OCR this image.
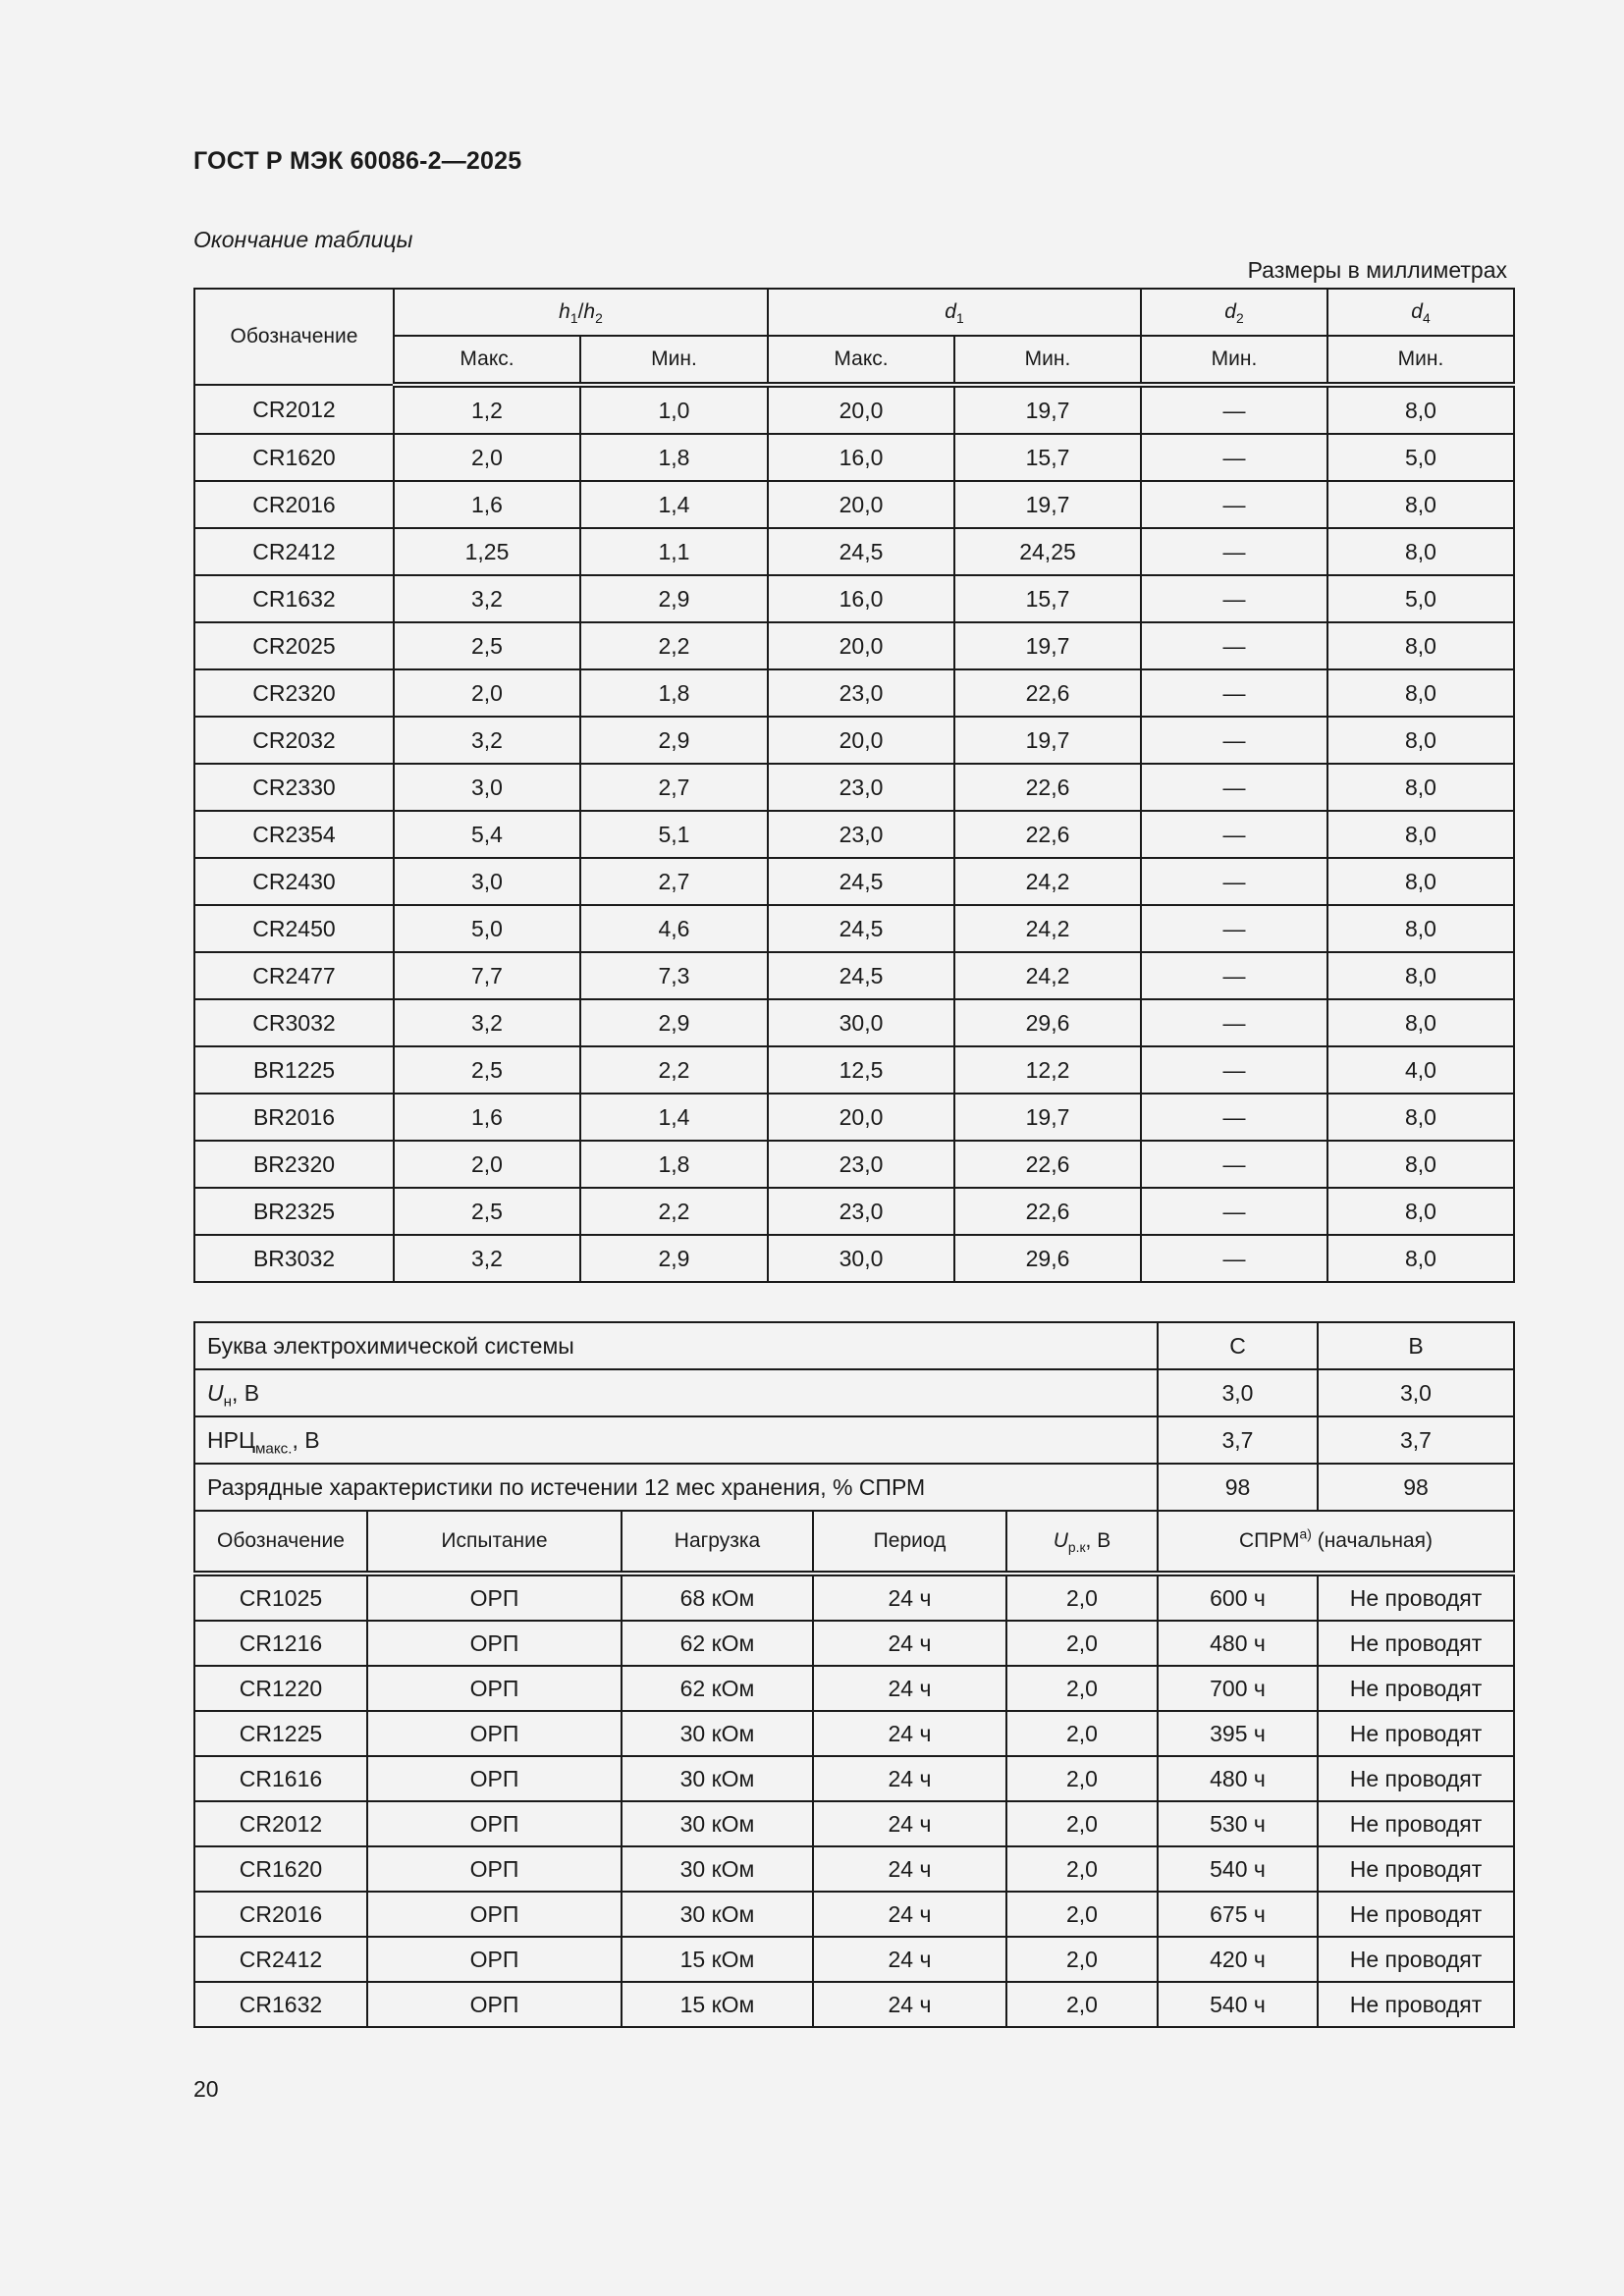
ГОСТ Р МЭК 60086-2—2025
Окончание таблицы
Размеры в миллиметрах
Обозначение	$h_1/h_2$		$d_1$		$d_2$	$d_4$
	Макс.	Мин.	Макс.	Мин.	Мин.	Мин.
CR2012	1,2	1,0	20,0	19,7	—	8,0
CR1620	2,0	1,8	16,0	15,7	—	5,0
CR2016	1,6	1,4	20,0	19,7	—	8,0
CR2412	1,25	1,1	24,5	24,25	—	8,0
CR1632	3,2	2,9	16,0	15,7	—	5,0
CR2025	2,5	2,2	20,0	19,7	—	8,0
CR2320	2,0	1,8	23,0	22,6	—	8,0
CR2032	3,2	2,9	20,0	19,7	—	8,0
CR2330	3,0	2,7	23,0	22,6	—	8,0
CR2354	5,4	5,1	23,0	22,6	—	8,0
CR2430	3,0	2,7	24,5	24,2	—	8,0
CR2450	5,0	4,6	24,5	24,2	—	8,0
CR2477	7,7	7,3	24,5	24,2	—	8,0
CR3032	3,2	2,9	30,0	29,6	—	8,0
BR1225	2,5	2,2	12,5	12,2	—	4,0
BR2016	1,6	1,4	20,0	19,7	—	8,0
BR2320	2,0	1,8	23,0	22,6	—	8,0
BR2325	2,5	2,2	23,0	22,6	—	8,0
BR3032	3,2	2,9	30,0	29,6	—	8,0
Буква электрохимической системы					C	B
$U_н$, В					3,0	3,0
$НРЦ_{макс.}$, В					3,7	3,7
Разрядные характеристики по истечении 12 мес хранения, % СПРМ					98	98
Обозначение	Испытание	Нагрузка	Период	$U_{р.к}$, В	$СПРМ^{а)}$ (начальная)	
CR1025	ОРП	68 кОм	24 ч	2,0	600 ч	Не проводят
CR1216	ОРП	62 кОм	24 ч	2,0	480 ч	Не проводят
CR1220	ОРП	62 кОм	24 ч	2,0	700 ч	Не проводят
CR1225	ОРП	30 кОм	24 ч	2,0	395 ч	Не проводят
CR1616	ОРП	30 кОм	24 ч	2,0	480 ч	Не проводят
CR2012	ОРП	30 кОм	24 ч	2,0	530 ч	Не проводят
CR1620	ОРП	30 кОм	24 ч	2,0	540 ч	Не проводят
CR2016	ОРП	30 кОм	24 ч	2,0	675 ч	Не проводят
CR2412	ОРП	15 кОм	24 ч	2,0	420 ч	Не проводят
CR1632	ОРП	15 кОм	24 ч	2,0	540 ч	Не проводят
20
